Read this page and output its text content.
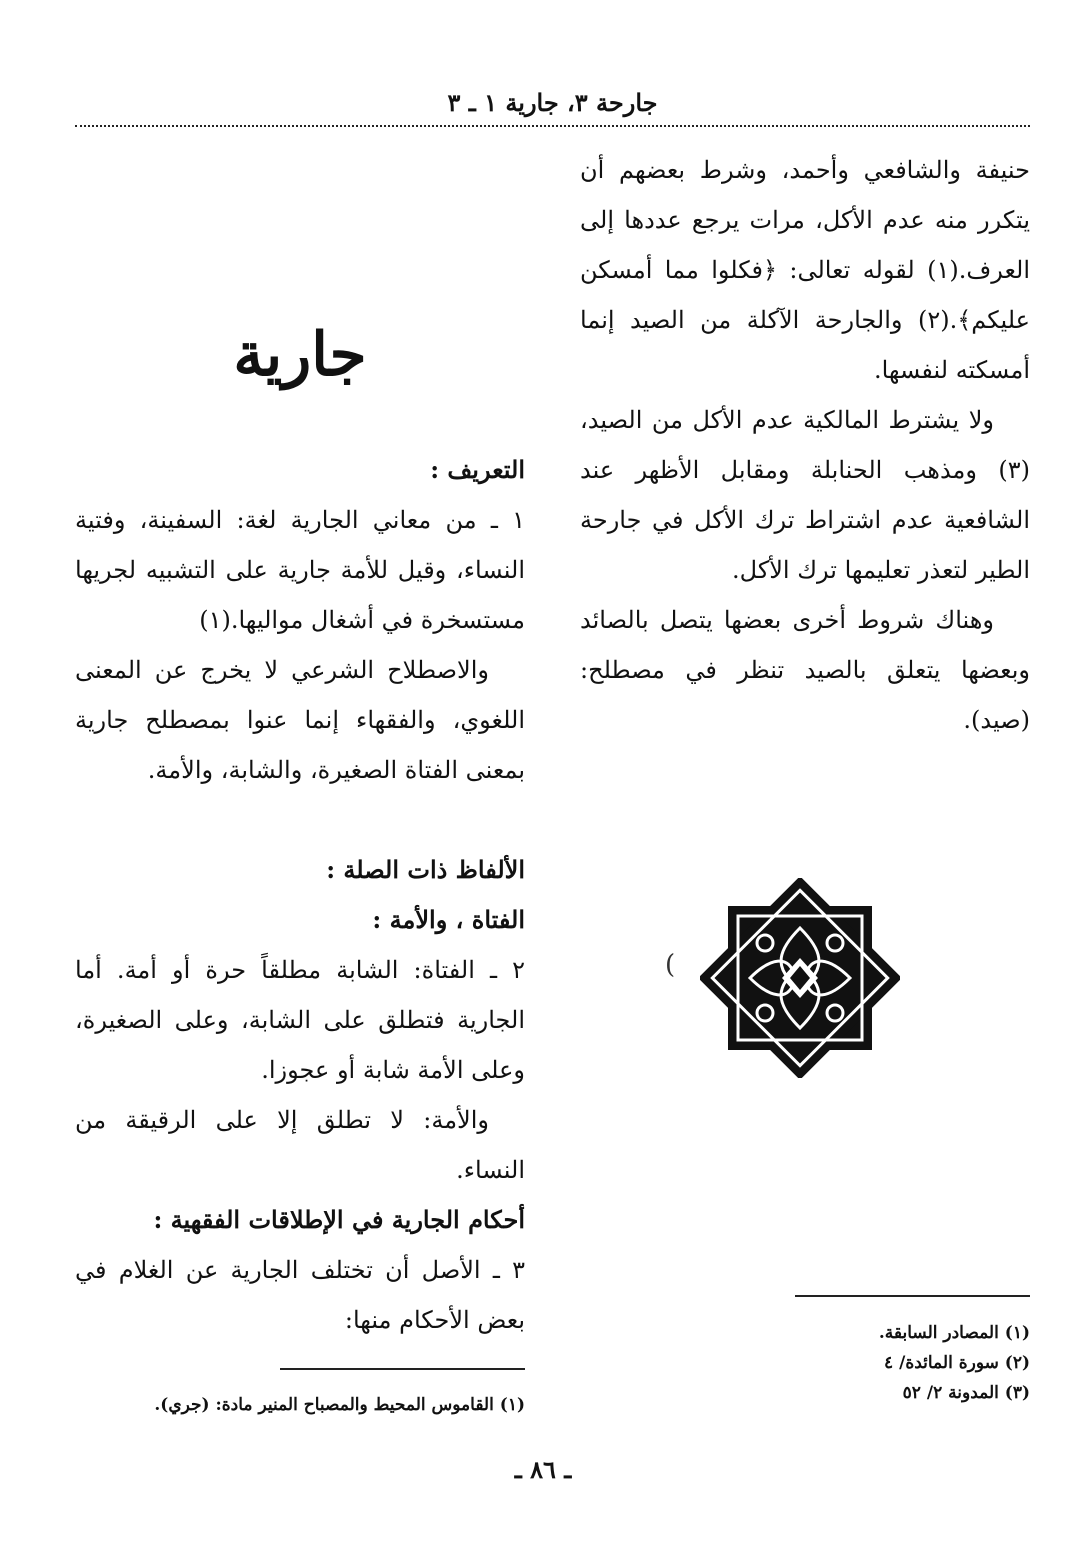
جارحة ٣، جارية ١ ـ ٣

حنيفة والشافعي وأحمد، وشرط بعضهم أن يتكرر منه عدم الأكل، مرات يرجع عددها إلى العرف.(١) لقوله تعالى: ﴿فكلوا مما أمسكن عليكم﴾.(٢) والجارحة الآكلة من الصيد إنما أمسكته لنفسها.

ولا يشترط المالكية عدم الأكل من الصيد،(٣) ومذهب الحنابلة ومقابل الأظهر عند الشافعية عدم اشتراط ترك الأكل في جارحة الطير لتعذر تعليمها ترك الأكل.

وهناك شروط أخرى بعضها يتصل بالصائد وبعضها يتعلق بالصيد تنظر في مصطلح: (صيد).

جارية

التعريف :

١ ـ من معاني الجارية لغة: السفينة، وفتية النساء، وقيل للأمة جارية على التشبيه لجريها مستسخرة في أشغال مواليها.(١)

والاصطلاح الشرعي لا يخرج عن المعنى اللغوي، والفقهاء إنما عنوا بمصطلح جارية بمعنى الفتاة الصغيرة، والشابة، والأمة.

الألفاظ ذات الصلة :

الفتاة ، والأمة :

٢ ـ الفتاة: الشابة مطلقاً حرة أو أمة. أما الجارية فتطلق على الشابة، وعلى الصغيرة، وعلى الأمة شابة أو عجوزا.

والأمة: لا تطلق إلا على الرقيقة من النساء.

أحكام الجارية في الإطلاقات الفقهية :

٣ ـ الأصل أن تختلف الجارية عن الغلام في بعض الأحكام منها:

(
(١) المصادر السابقة.
(٢) سورة المائدة/ ٤
(٣) المدونة ٢/ ٥٢
(١) القاموس المحيط والمصباح المنير مادة: (جري).
ـ ٨٦ ـ
